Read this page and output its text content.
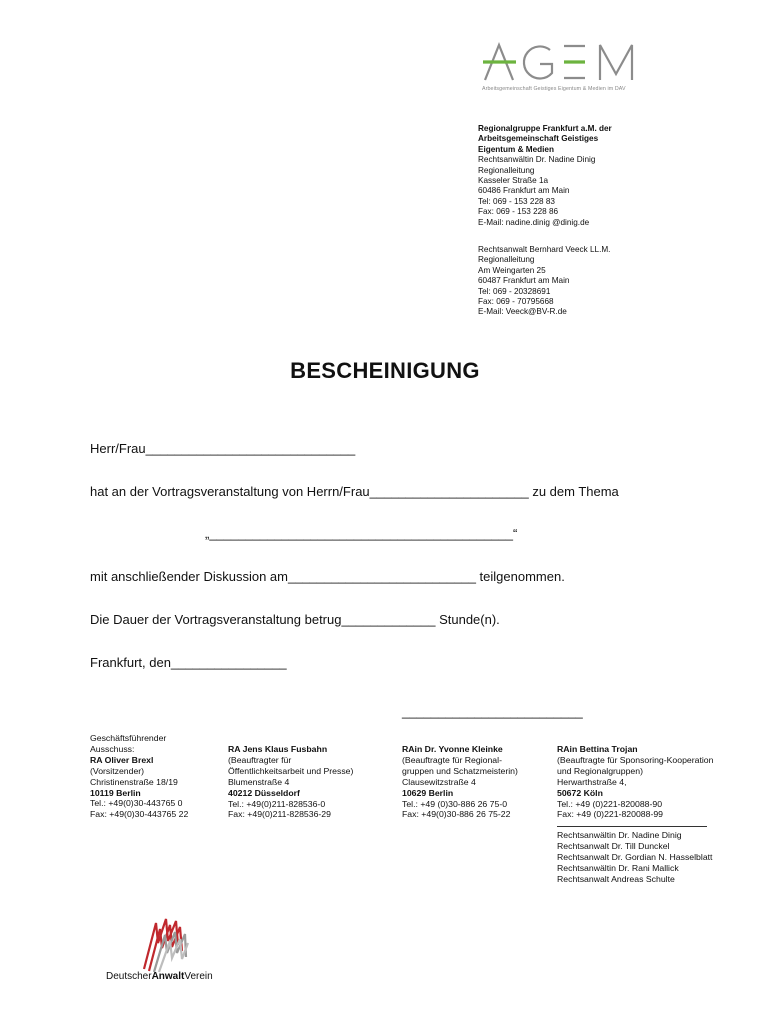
Arbeitsgemeinschaft Geistiges Eigentum & Medien im DAV
Regionalgruppe Frankfurt a.M. der
Arbeitsgemeinschaft Geistiges
Eigentum & Medien
Rechtsanwältin Dr. Nadine Dinig
Regionalleitung
Kasseler Straße 1a
60486 Frankfurt am Main
Tel: 069 - 153 228 83
Fax: 069 - 153 228 86
E-Mail: nadine.dinig @dinig.de
Rechtsanwalt Bernhard Veeck LL.M.
Regionalleitung
Am Weingarten 25
60487 Frankfurt am Main
Tel: 069 - 20328691
Fax: 069 - 70795668
E-Mail: Veeck@BV-R.de
BESCHEINIGUNG
Herr/Frau_____________________________
hat an der Vortragsveranstaltung von Herrn/Frau______________________ zu dem Thema
„__________________________________________“
mit anschließender Diskussion am__________________________ teilgenommen.
Die Dauer der Vortragsveranstaltung betrug_____________ Stunde(n).
Frankfurt, den________________
_________________________
Geschäftsführender
Ausschuss:
RA Oliver Brexl
(Vorsitzender)
Christinenstraße 18/19
10119 Berlin
Tel.: +49(0)30-443765 0
Fax: +49(0)30-443765 22
RA Jens Klaus Fusbahn
(Beauftragter für
Öffentlichkeitsarbeit und Presse)
Blumenstraße 4
40212 Düsseldorf
Tel.: +49(0)211-828536-0
Fax: +49(0)211-828536-29
RAin Dr. Yvonne Kleinke
(Beauftragte für Regional-
gruppen und Schatzmeisterin)
Clausewitzstraße 4
10629 Berlin
Tel.: +49 (0)30-886 26 75-0
Fax: +49(0)30-886 26 75-22
RAin Bettina Trojan
(Beauftragte für Sponsoring-Kooperation
und Regionalgruppen)
Herwarthstraße 4,
50672 Köln
Tel.: +49 (0)221-820088-90
Fax: +49 (0)221-820088-99
Rechtsanwältin Dr. Nadine Dinig
Rechtsanwalt Dr. Till Dunckel
Rechtsanwalt Dr. Gordian N. Hasselblatt
Rechtsanwältin Dr. Rani Mallick
Rechtsanwalt Andreas Schulte
DeutscherAnwaltVerein
